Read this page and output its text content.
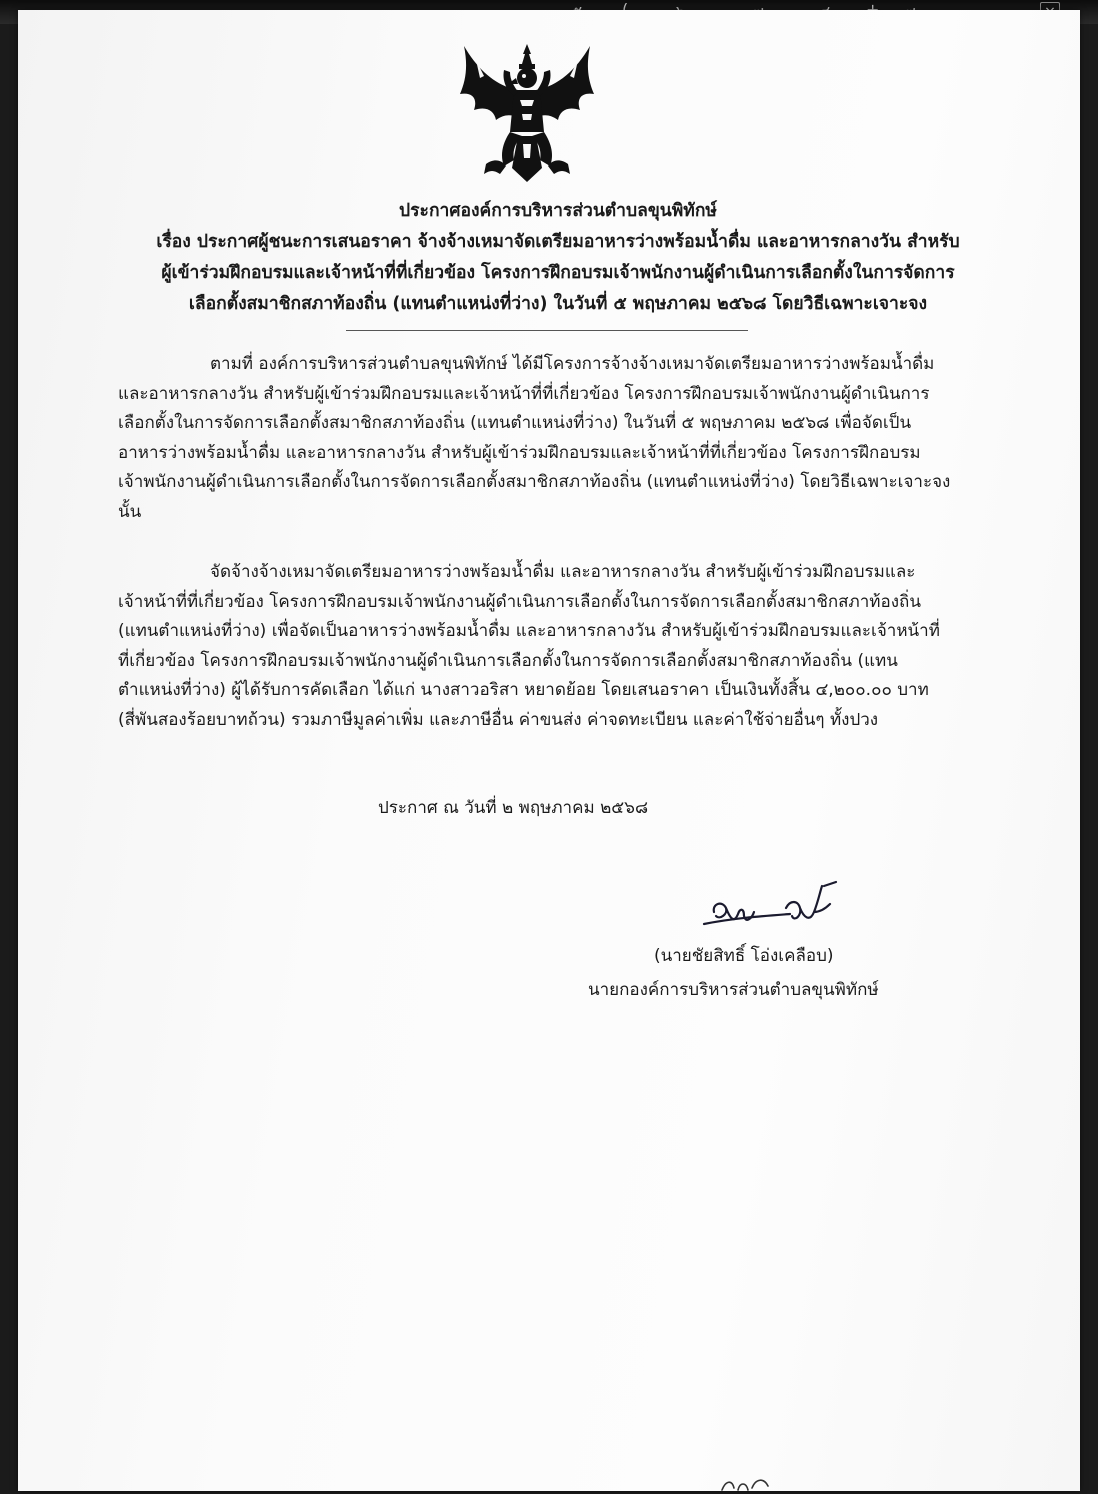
ประกาศองค์การบริหารส่วนตำบลขุนพิทักษ์
เรื่อง ประกาศผู้ชนะการเสนอราคา จ้างจ้างเหมาจัดเตรียมอาหารว่างพร้อมน้ำดื่ม และอาหารกลางวัน สำหรับ
ผู้เข้าร่วมฝึกอบรมและเจ้าหน้าที่ที่เกี่ยวข้อง โครงการฝึกอบรมเจ้าพนักงานผู้ดำเนินการเลือกตั้งในการจัดการ
เลือกตั้งสมาชิกสภาท้องถิ่น (แทนตำแหน่งที่ว่าง) ในวันที่ ๕ พฤษภาคม ๒๕๖๘ โดยวิธีเฉพาะเจาะจง
ตามที่ องค์การบริหารส่วนตำบลขุนพิทักษ์ ได้มีโครงการจ้างจ้างเหมาจัดเตรียมอาหารว่างพร้อมน้ำดื่ม
และอาหารกลางวัน สำหรับผู้เข้าร่วมฝึกอบรมและเจ้าหน้าที่ที่เกี่ยวข้อง โครงการฝึกอบรมเจ้าพนักงานผู้ดำเนินการ
เลือกตั้งในการจัดการเลือกตั้งสมาชิกสภาท้องถิ่น (แทนตำแหน่งที่ว่าง) ในวันที่ ๕ พฤษภาคม ๒๕๖๘ เพื่อจัดเป็น
อาหารว่างพร้อมน้ำดื่ม และอาหารกลางวัน สำหรับผู้เข้าร่วมฝึกอบรมและเจ้าหน้าที่ที่เกี่ยวข้อง โครงการฝึกอบรม
เจ้าพนักงานผู้ดำเนินการเลือกตั้งในการจัดการเลือกตั้งสมาชิกสภาท้องถิ่น (แทนตำแหน่งที่ว่าง) โดยวิธีเฉพาะเจาะจง
นั้น
จัดจ้างจ้างเหมาจัดเตรียมอาหารว่างพร้อมน้ำดื่ม และอาหารกลางวัน สำหรับผู้เข้าร่วมฝึกอบรมและ
เจ้าหน้าที่ที่เกี่ยวข้อง โครงการฝึกอบรมเจ้าพนักงานผู้ดำเนินการเลือกตั้งในการจัดการเลือกตั้งสมาชิกสภาท้องถิ่น
(แทนตำแหน่งที่ว่าง) เพื่อจัดเป็นอาหารว่างพร้อมน้ำดื่ม และอาหารกลางวัน สำหรับผู้เข้าร่วมฝึกอบรมและเจ้าหน้าที่
ที่เกี่ยวข้อง โครงการฝึกอบรมเจ้าพนักงานผู้ดำเนินการเลือกตั้งในการจัดการเลือกตั้งสมาชิกสภาท้องถิ่น (แทน
ตำแหน่งที่ว่าง) ผู้ได้รับการคัดเลือก ได้แก่ นางสาวอริสา หยาดย้อย โดยเสนอราคา เป็นเงินทั้งสิ้น ๔,๒๐๐.๐๐ บาท
(สี่พันสองร้อยบาทถ้วน) รวมภาษีมูลค่าเพิ่ม และภาษีอื่น ค่าขนส่ง ค่าจดทะเบียน และค่าใช้จ่ายอื่นๆ ทั้งปวง
ประกาศ ณ วันที่ ๒ พฤษภาคม ๒๕๖๘
(นายชัยสิทธิ์ โอ่งเคลือบ)
นายกองค์การบริหารส่วนตำบลขุนพิทักษ์
